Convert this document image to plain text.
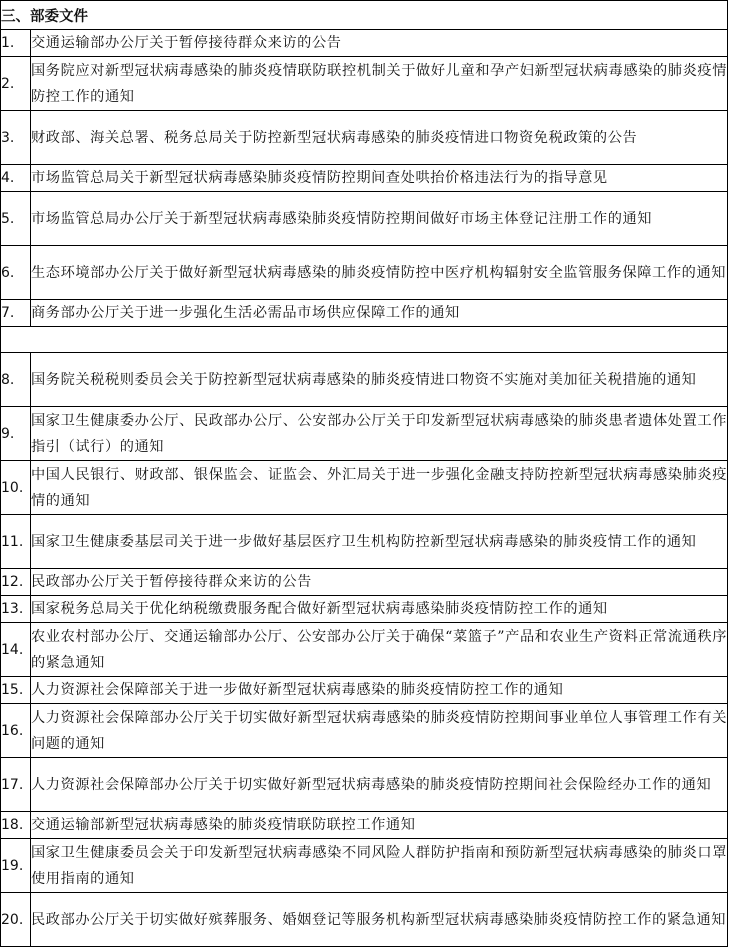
三、部委文件	
1.	交通运输部办公厅关于暂停接待群众来访的公告
2.	国务院应对新型冠状病毒感染的肺炎疫情联防联控机制关于做好儿童和孕产妇新型冠状病毒感染的肺炎疫情防控工作的通知
3.	财政部、海关总署、税务总局关于防控新型冠状病毒感染的肺炎疫情进口物资免税政策的公告
4.	市场监管总局关于新型冠状病毒感染肺炎疫情防控期间查处哄抬价格违法行为的指导意见
5.	市场监管总局办公厅关于新型冠状病毒感染肺炎疫情防控期间做好市场主体登记注册工作的通知
6.	生态环境部办公厅关于做好新型冠状病毒感染的肺炎疫情防控中医疗机构辐射安全监管服务保障工作的通知
7.	商务部办公厅关于进一步强化生活必需品市场供应保障工作的通知

8.	国务院关税税则委员会关于防控新型冠状病毒感染的肺炎疫情进口物资不实施对美加征关税措施的通知
9.	国家卫生健康委办公厅、民政部办公厅、公安部办公厅关于印发新型冠状病毒感染的肺炎患者遗体处置工作指引（试行）的通知
10.	中国人民银行、财政部、银保监会、证监会、外汇局关于进一步强化金融支持防控新型冠状病毒感染肺炎疫情的通知
11.	国家卫生健康委基层司关于进一步做好基层医疗卫生机构防控新型冠状病毒感染的肺炎疫情工作的通知
12.	民政部办公厅关于暂停接待群众来访的公告
13.	国家税务总局关于优化纳税缴费服务配合做好新型冠状病毒感染肺炎疫情防控工作的通知
14.	农业农村部办公厅、交通运输部办公厅、公安部办公厅关于确保“菜篮子”产品和农业生产资料正常流通秩序的紧急通知
15.	人力资源社会保障部关于进一步做好新型冠状病毒感染的肺炎疫情防控工作的通知
16.	人力资源社会保障部办公厅关于切实做好新型冠状病毒感染的肺炎疫情防控期间事业单位人事管理工作有关问题的通知
17.	人力资源社会保障部办公厅关于切实做好新型冠状病毒感染的肺炎疫情防控期间社会保险经办工作的通知
18.	交通运输部新型冠状病毒感染的肺炎疫情联防联控工作通知
19.	国家卫生健康委员会关于印发新型冠状病毒感染不同风险人群防护指南和预防新型冠状病毒感染的肺炎口罩使用指南的通知
20.	民政部办公厅关于切实做好殡葬服务、婚姻登记等服务机构新型冠状病毒感染肺炎疫情防控工作的紧急通知
